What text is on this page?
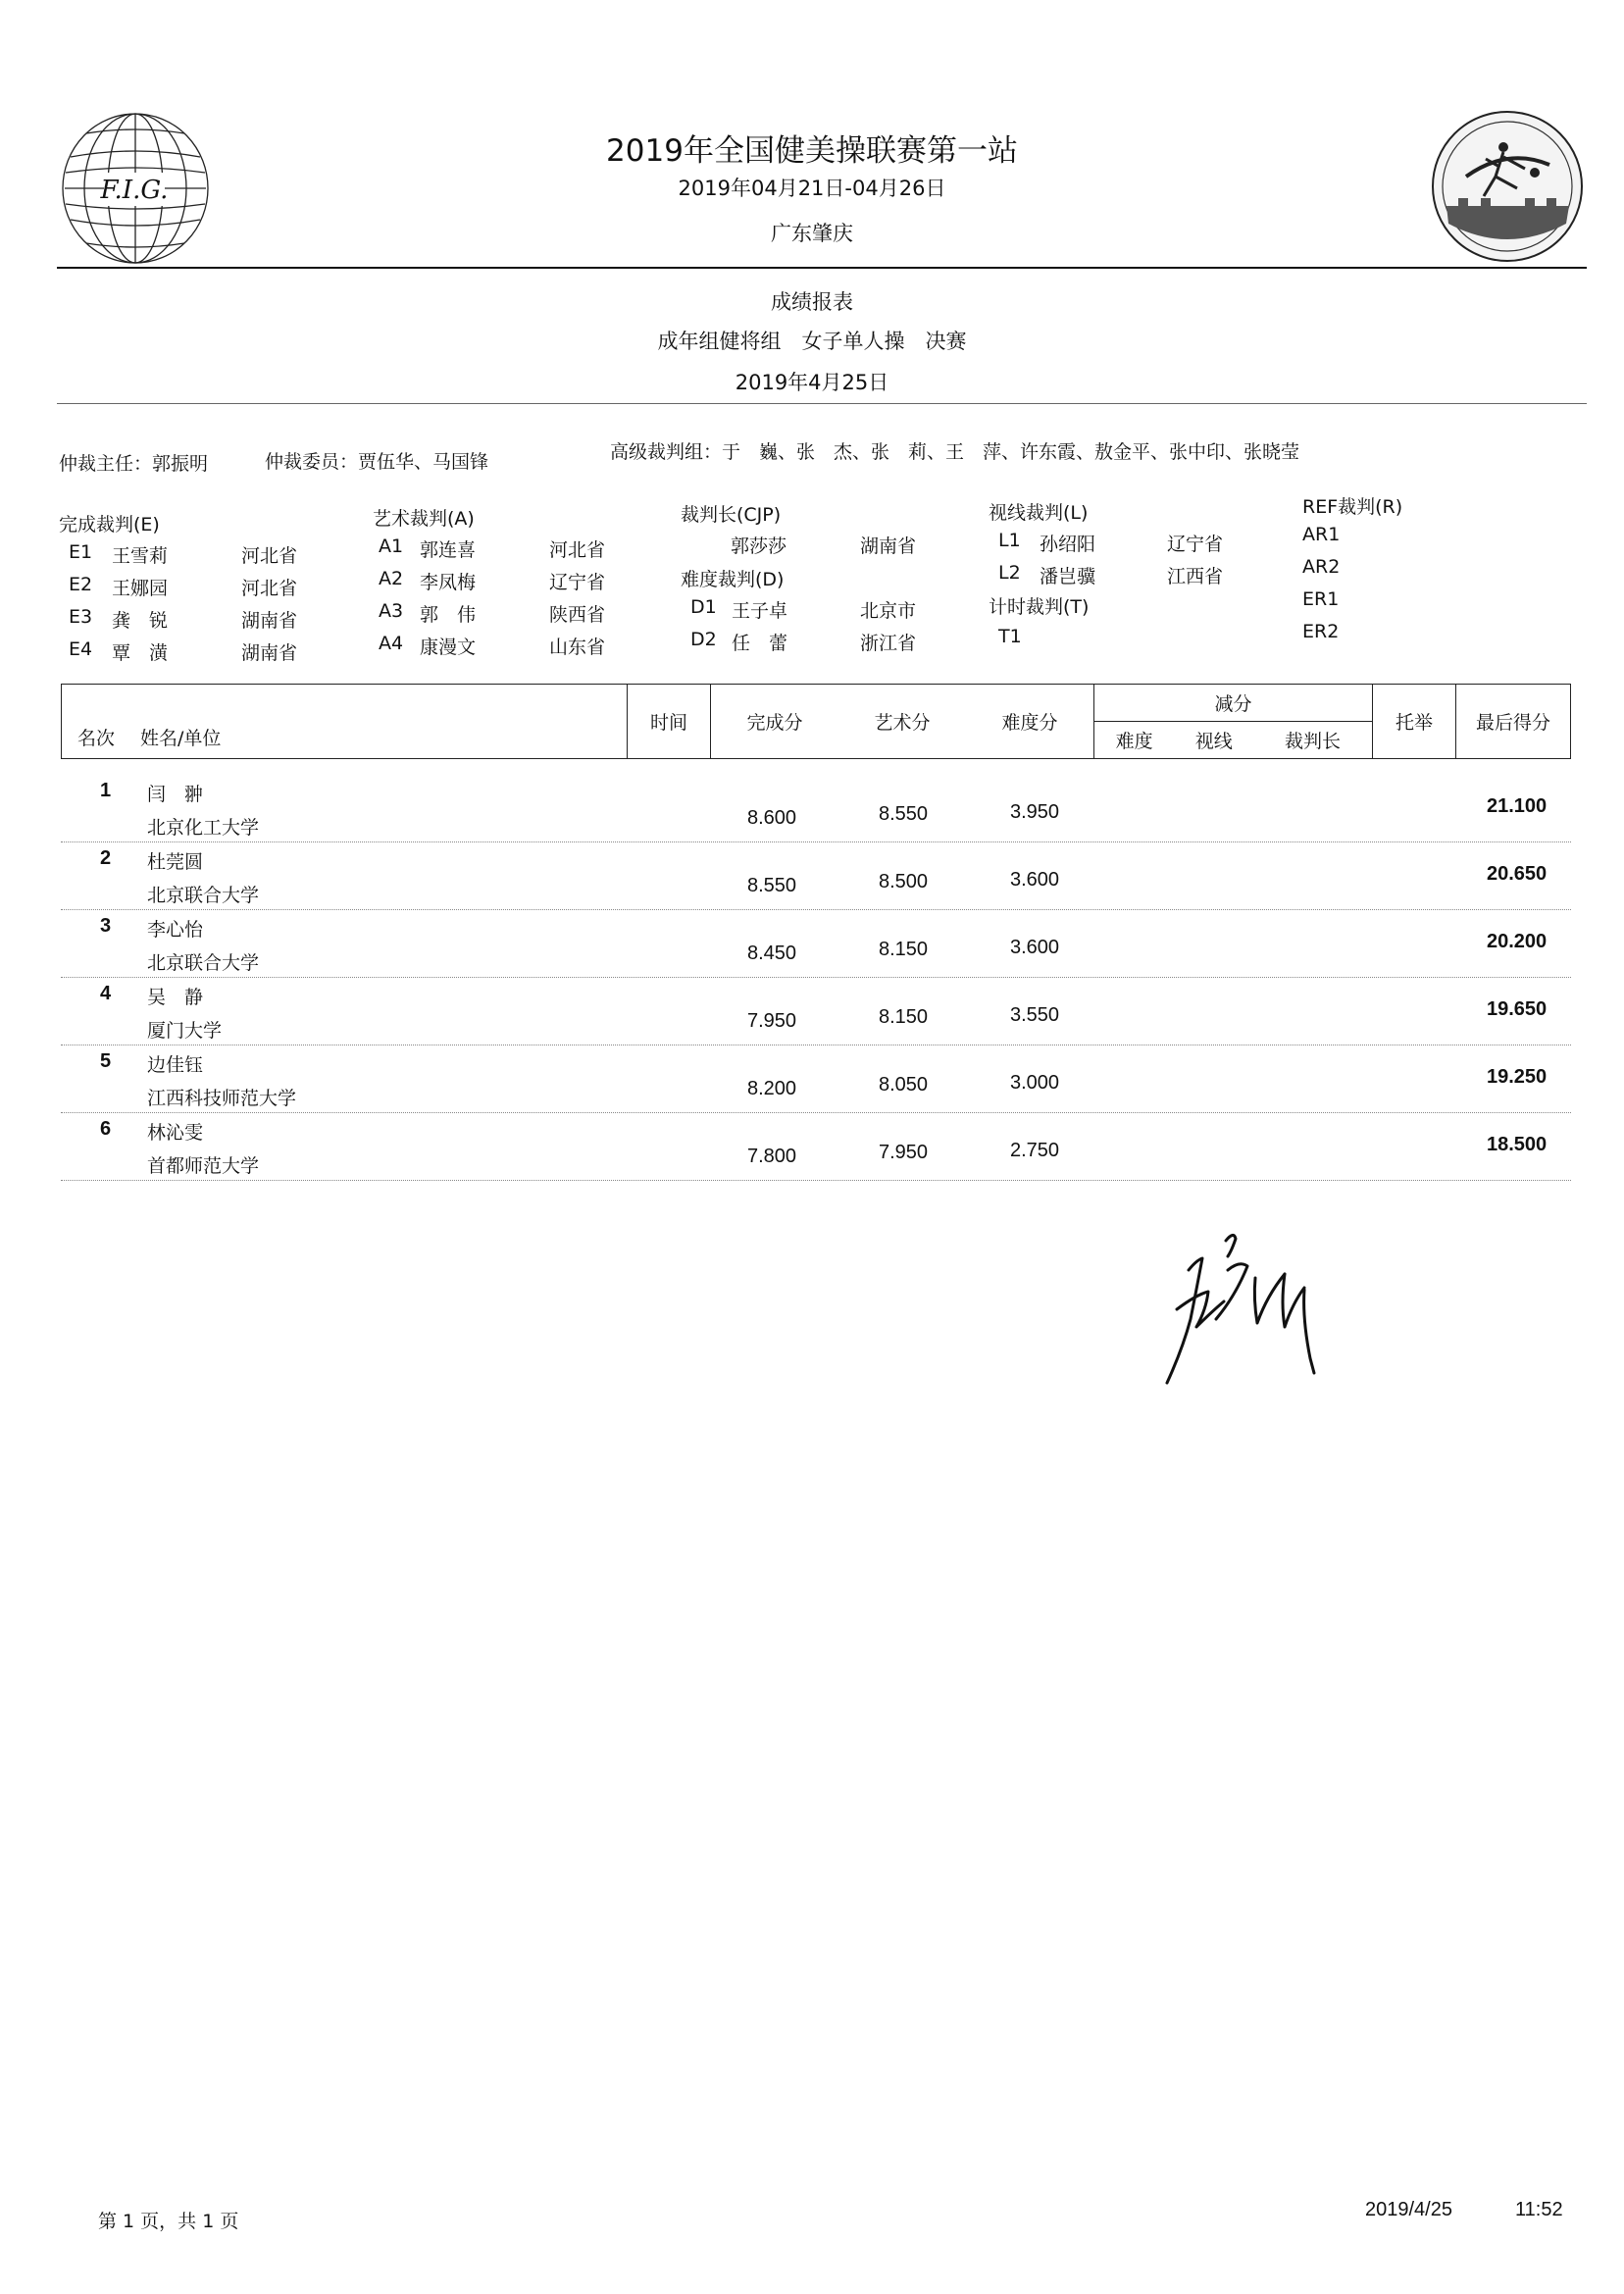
F.I.G.
2019年全国健美操联赛第一站
2019年04月21日-04月26日
广东肇庆
成绩报表
成年组健将组　女子单人操　决赛
2019年4月25日
仲裁主任：郭振明	仲裁委员：贾伍华、马国锋	高级裁判组：于　巍、张　杰、张　莉、王　萍、许东霞、敖金平、张中印、张晓莹
完成裁判(E)	艺术裁判(A)	裁判长(CJP)
郭莎莎	湖南省
难度裁判(D)
视线裁判(L)
计时裁判(T)
REF裁判(R)
E1 王雪莉	河北省
E2 王娜园	河北省
E3 龚　锐	湖南省
E4 覃　潢	湖南省
A1 郭连喜	河北省
A2 李凤梅	辽宁省
A3 郭　伟	陕西省
A4 康漫文	山东省
D1 王子卓	北京市
D2 任　蕾	浙江省
L1 孙绍阳	辽宁省
L2 潘岂骥	江西省
T1
AR1
AR2
ER1
ER2
名次 姓名/单位	时间	完成分	艺术分	难度分	减分			托举	最后得分
					难度	视线	裁判长		
1 闫　翀
北京化工大学	8.600	8.550	3.950	21.100
2 杜莞圆
北京联合大学	8.550	8.500	3.600	20.650
3 李心怡
北京联合大学	8.450	8.150	3.600	20.200
4 吴　静
厦门大学	7.950	8.150	3.550	19.650
5 边佳钰
江西科技师范大学	8.200	8.050	3.000	19.250
6 林沁雯
首都师范大学	7.800	7.950	2.750	18.500
第 1 页，共 1 页
2019/4/25	11:52
